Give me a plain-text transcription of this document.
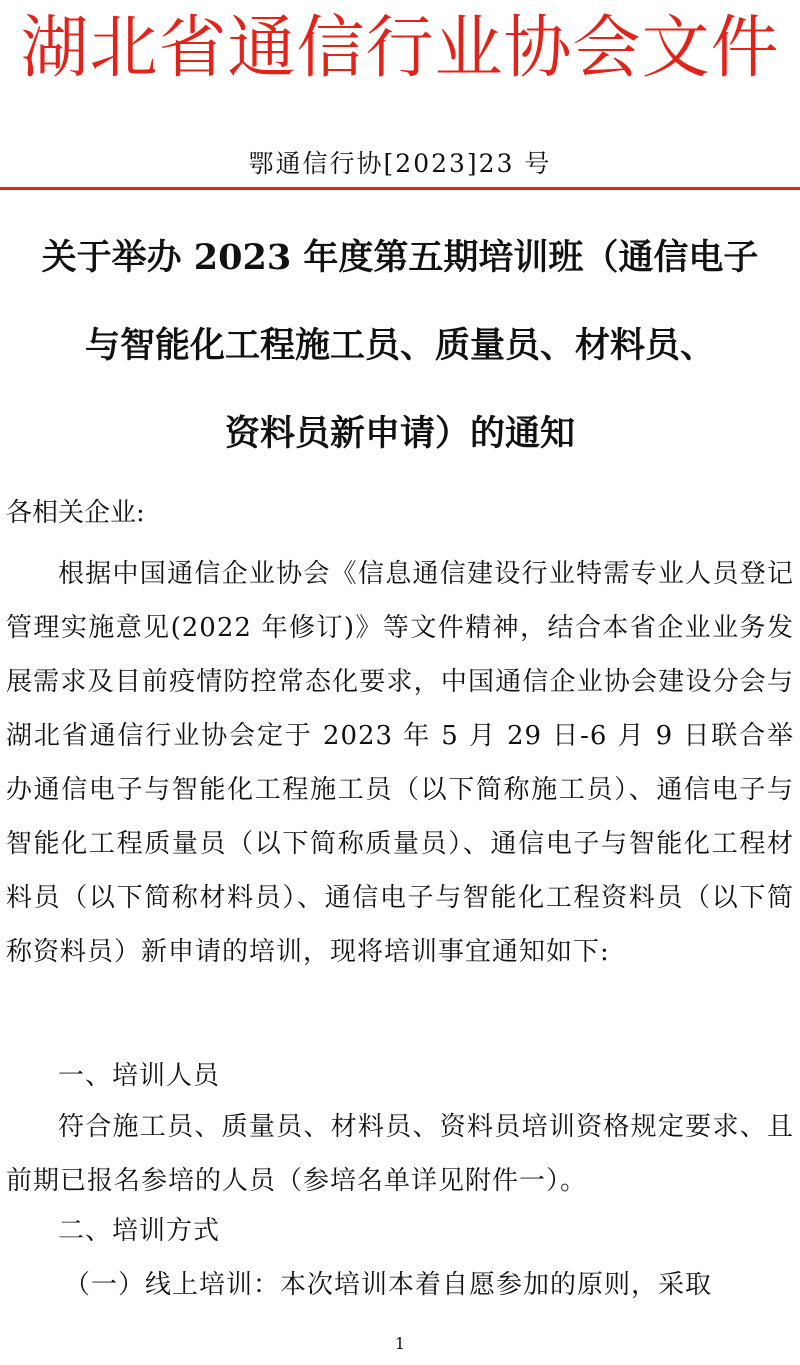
湖北省通信行业协会文件
鄂通信行协[2023]23 号
关于举办 2023 年度第五期培训班（通信电子
与智能化工程施工员、质量员、材料员、
资料员新申请）的通知
各相关企业:
根据中国通信企业协会《信息通信建设行业特需专业人员登记管理实施意见(2022 年修订)》等文件精神，结合本省企业业务发展需求及目前疫情防控常态化要求，中国通信企业协会建设分会与湖北省通信行业协会定于 2023 年 5 月 29 日-6 月 9 日联合举办通信电子与智能化工程施工员（以下简称施工员）、通信电子与智能化工程质量员（以下简称质量员）、通信电子与智能化工程材料员（以下简称材料员）、通信电子与智能化工程资料员（以下简称资料员）新申请的培训，现将培训事宜通知如下:
一、培训人员
符合施工员、质量员、材料员、资料员培训资格规定要求、且前期已报名参培的人员（参培名单详见附件一）。
二、培训方式
（一）线上培训：本次培训本着自愿参加的原则，采取
1
